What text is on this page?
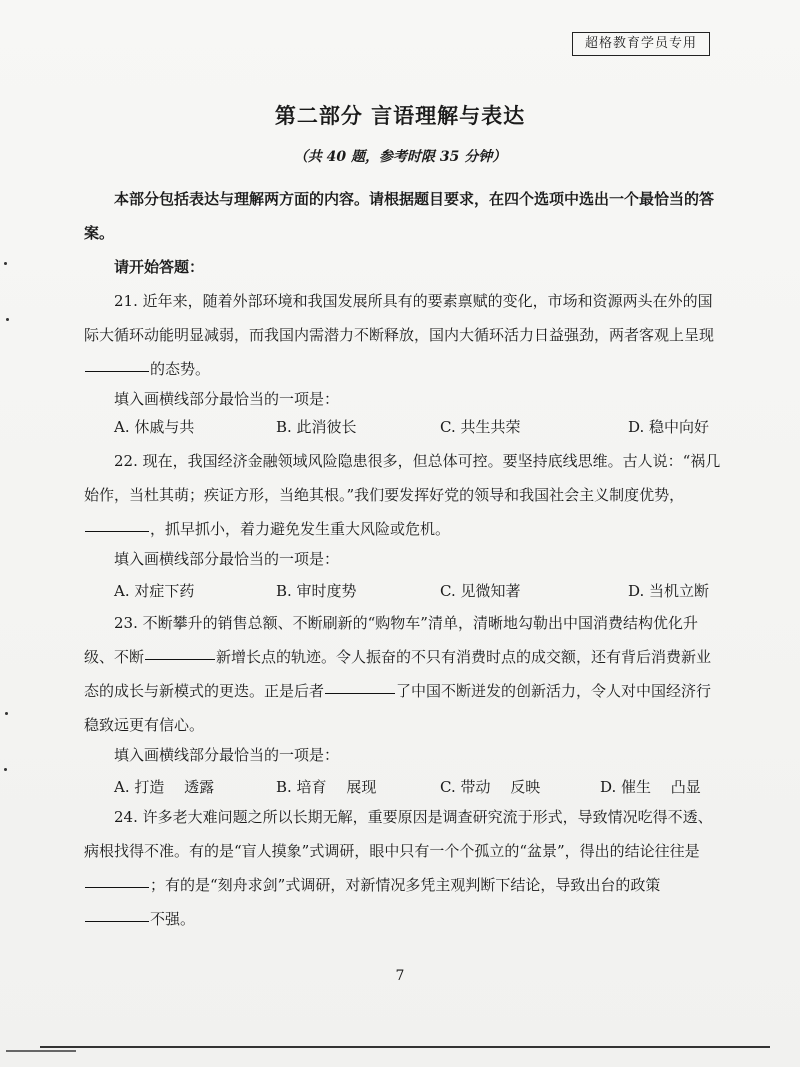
超格教育学员专用
第二部分 言语理解与表达
（共 40 题，参考时限 35 分钟）
本部分包括表达与理解两方面的内容。请根据题目要求，在四个选项中选出一个最恰当的答案。
请开始答题：
21. 近年来，随着外部环境和我国发展所具有的要素禀赋的变化，市场和资源两头在外的国际大循环动能明显减弱，而我国内需潜力不断释放，国内大循环活力日益强劲，两者客观上呈现的态势。
填入画横线部分最恰当的一项是：
A. 休戚与共	B. 此消彼长	C. 共生共荣	D. 稳中向好
22. 现在，我国经济金融领域风险隐患很多，但总体可控。要坚持底线思维。古人说：“祸几始作，当杜其萌；疾证方形，当绝其根。”我们要发挥好党的领导和我国社会主义制度优势，，抓早抓小，着力避免发生重大风险或危机。
填入画横线部分最恰当的一项是：
A. 对症下药	B. 审时度势	C. 见微知著	D. 当机立断
23. 不断攀升的销售总额、不断刷新的“购物车”清单，清晰地勾勒出中国消费结构优化升级、不断	新增长点的轨迹。令人振奋的不只有消费时点的成交额，还有背后消费新业态的成长与新模式的更迭。正是后者	了中国不断迸发的创新活力，令人对中国经济行稳致远更有信心。
填入画横线部分最恰当的一项是：
A. 打造　 透露	B. 培育　 展现	C. 带动　 反映	D. 催生　 凸显
24. 许多老大难问题之所以长期无解，重要原因是调查研究流于形式，导致情况吃得不透、病根找得不准。有的是“盲人摸象”式调研，眼中只有一个个孤立的“盆景”，得出的结论往往是；有的是“刻舟求剑”式调研，对新情况多凭主观判断下结论，导致出台的政策不强。
7
